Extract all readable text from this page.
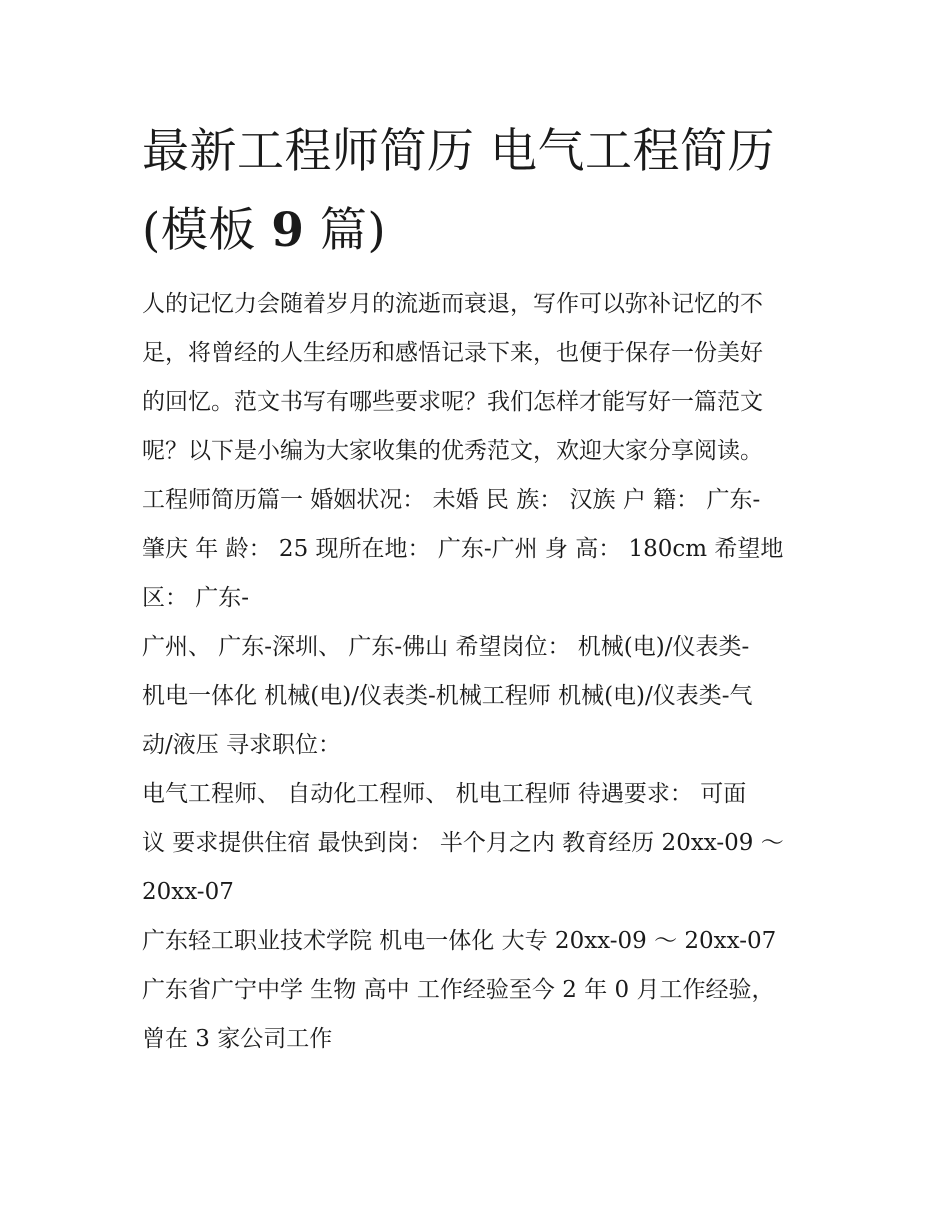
最新工程师简历 电气工程简历
(模板 9 篇)

人的记忆力会随着岁月的流逝而衰退，写作可以弥补记忆的不
足，将曾经的人生经历和感悟记录下来，也便于保存一份美好
的回忆。范文书写有哪些要求呢？我们怎样才能写好一篇范文
呢？以下是小编为大家收集的优秀范文，欢迎大家分享阅读。

工程师简历篇一 婚姻状况： 未婚 民 族： 汉族 户 籍： 广东-
肇庆 年 龄： 25 现所在地： 广东-广州 身 高： 180cm 希望地
区： 广东-

广州、 广东-深圳、 广东-佛山 希望岗位： 机械(电)/仪表类-
机电一体化 机械(电)/仪表类-机械工程师 机械(电)/仪表类-气
动/液压 寻求职位：

电气工程师、 自动化工程师、 机电工程师 待遇要求： 可面
议 要求提供住宿 最快到岗： 半个月之内 教育经历 20xx-09 ～
20xx-07

广东轻工职业技术学院 机电一体化 大专 20xx-09 ～ 20xx-07
广东省广宁中学 生物 高中 工作经验至今 2 年 0 月工作经验，
曾在 3 家公司工作
